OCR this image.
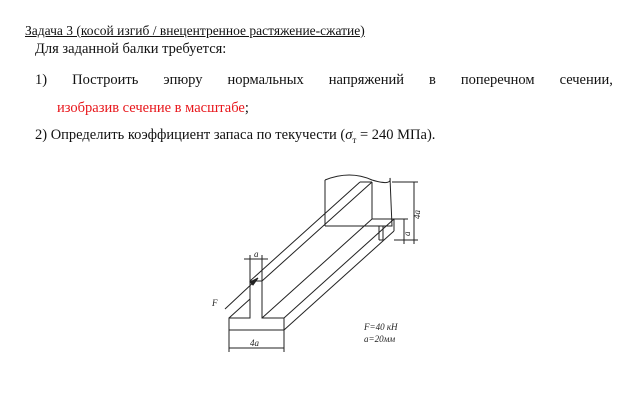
Задача 3 (косой изгиб / внецентренное растяжение-сжатие)
Для заданной балки требуется:
1) Построить эпюру нормальных напряжений в поперечном сечении,
изобразив сечение в масштабе;
2) Определить коэффициент запаса по текучести ($\sigma_т = 240$ МПа).
F
a
4a
4a
a
F=40 кН
a=20мм
